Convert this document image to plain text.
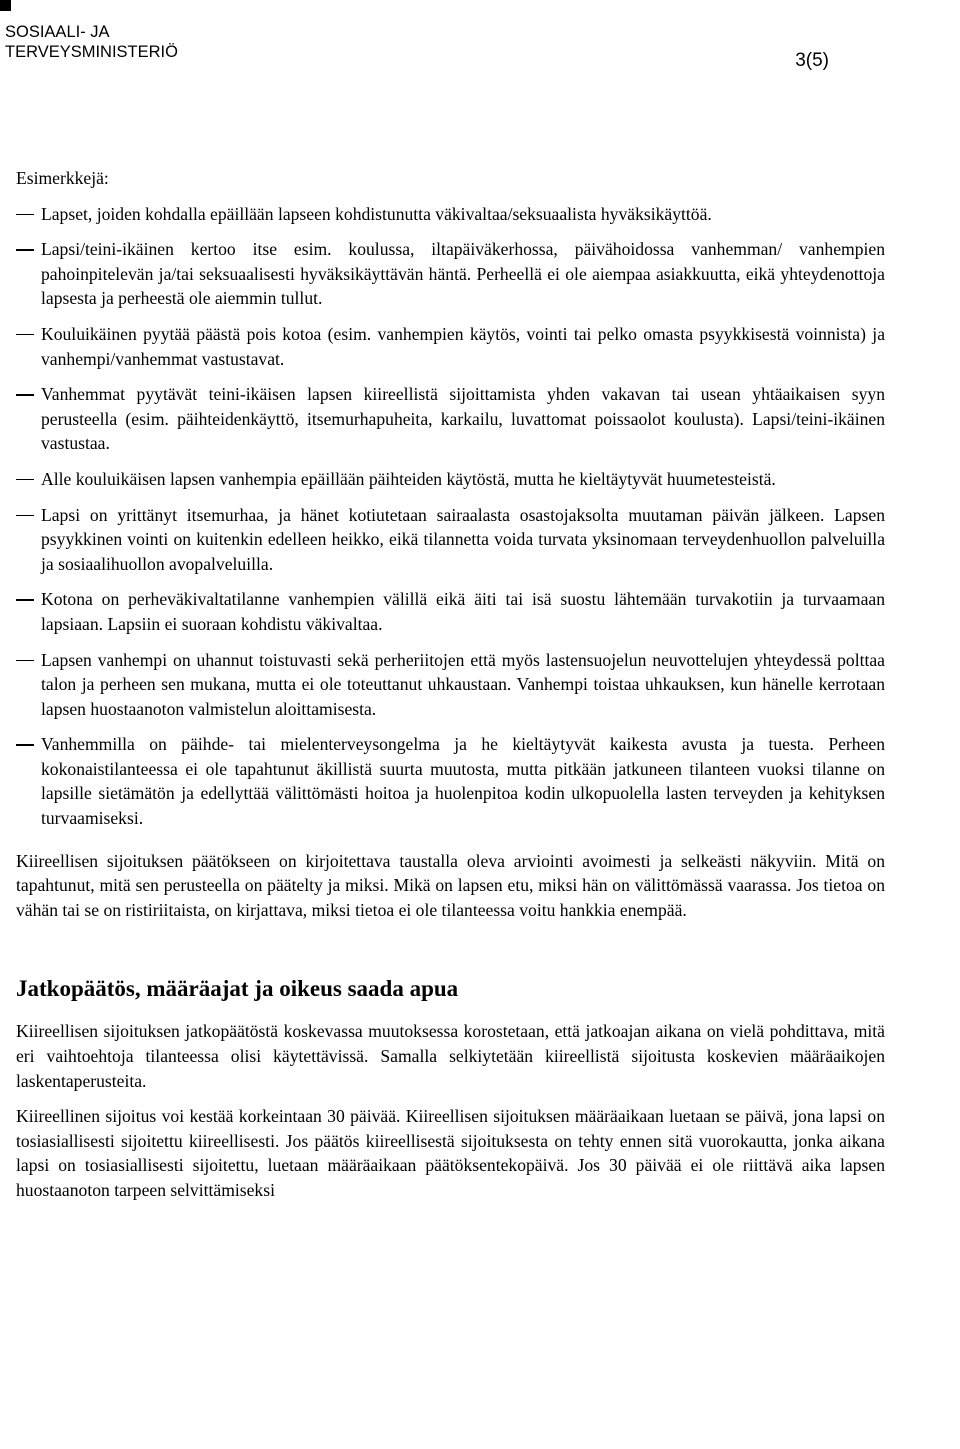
SOSIAALI- JA
TERVEYSMINISTERIÖ	3(5)

Esimerkkejä:

Lapset, joiden kohdalla epäillään lapseen kohdistunutta väkivaltaa/seksuaalista hyväksikäyttöä.
Lapsi/teini-ikäinen kertoo itse esim. koulussa, iltapäiväkerhossa, päivähoidossa vanhemman/ vanhempien pahoinpitelevän ja/tai seksuaalisesti hyväksikäyttävän häntä. Perheellä ei ole aiempaa asiakkuutta, eikä yhteydenottoja lapsesta ja perheestä ole aiemmin tullut.
Kouluikäinen pyytää päästä pois kotoa (esim. vanhempien käytös, vointi tai pelko omasta psyykkisestä voinnista) ja vanhempi/vanhemmat vastustavat.
Vanhemmat pyytävät teini-ikäisen lapsen kiireellistä sijoittamista yhden vakavan tai usean yhtäaikaisen syyn perusteella (esim. päihteidenkäyttö, itsemurhapuheita, karkailu, luvattomat poissaolot koulusta). Lapsi/teini-ikäinen vastustaa.
Alle kouluikäisen lapsen vanhempia epäillään päihteiden käytöstä, mutta he kieltäytyvät huumetesteistä.
Lapsi on yrittänyt itsemurhaa, ja hänet kotiutetaan sairaalasta osastojaksolta muutaman päivän jälkeen. Lapsen psyykkinen vointi on kuitenkin edelleen heikko, eikä tilannetta voida turvata yksinomaan terveydenhuollon palveluilla ja sosiaalihuollon avopalveluilla.
Kotona on perheväkivaltatilanne vanhempien välillä eikä äiti tai isä suostu lähtemään turvakotiin ja turvaamaan lapsiaan. Lapsiin ei suoraan kohdistu väkivaltaa.
Lapsen vanhempi on uhannut toistuvasti sekä perheriitojen että myös lastensuojelun neuvottelujen yhteydessä polttaa talon ja perheen sen mukana, mutta ei ole toteuttanut uhkaustaan. Vanhempi toistaa uhkauksen, kun hänelle kerrotaan lapsen huostaanoton valmistelun aloittamisesta.
Vanhemmilla on päihde- tai mielenterveysongelma ja he kieltäytyvät kaikesta avusta ja tuesta. Perheen kokonaistilanteessa ei ole tapahtunut äkillistä suurta muutosta, mutta pitkään jatkuneen tilanteen vuoksi tilanne on lapsille sietämätön ja edellyttää välittömästi hoitoa ja huolenpitoa kodin ulkopuolella lasten terveyden ja kehityksen turvaamiseksi.

Kiireellisen sijoituksen päätökseen on kirjoitettava taustalla oleva arviointi avoimesti ja selkeästi näkyviin. Mitä on tapahtunut, mitä sen perusteella on päätelty ja miksi. Mikä on lapsen etu, miksi hän on välittömässä vaarassa. Jos tietoa on vähän tai se on ristiriitaista, on kirjattava, miksi tietoa ei ole tilanteessa voitu hankkia enempää.

Jatkopäätös, määräajat ja oikeus saada apua

Kiireellisen sijoituksen jatkopäätöstä koskevassa muutoksessa korostetaan, että jatkoajan aikana on vielä pohdittava, mitä eri vaihtoehtoja tilanteessa olisi käytettävissä. Samalla selkiytetään kiireellistä sijoitusta koskevien määräaikojen laskentaperusteita.

Kiireellinen sijoitus voi kestää korkeintaan 30 päivää. Kiireellisen sijoituksen määräaikaan luetaan se päivä, jona lapsi on tosiasiallisesti sijoitettu kiireellisesti. Jos päätös kiireellisestä sijoituksesta on tehty ennen sitä vuorokautta, jonka aikana lapsi on tosiasiallisesti sijoitettu, luetaan määräaikaan päätöksentekopäivä. Jos 30 päivää ei ole riittävä aika lapsen huostaanoton tarpeen selvittämiseksi
